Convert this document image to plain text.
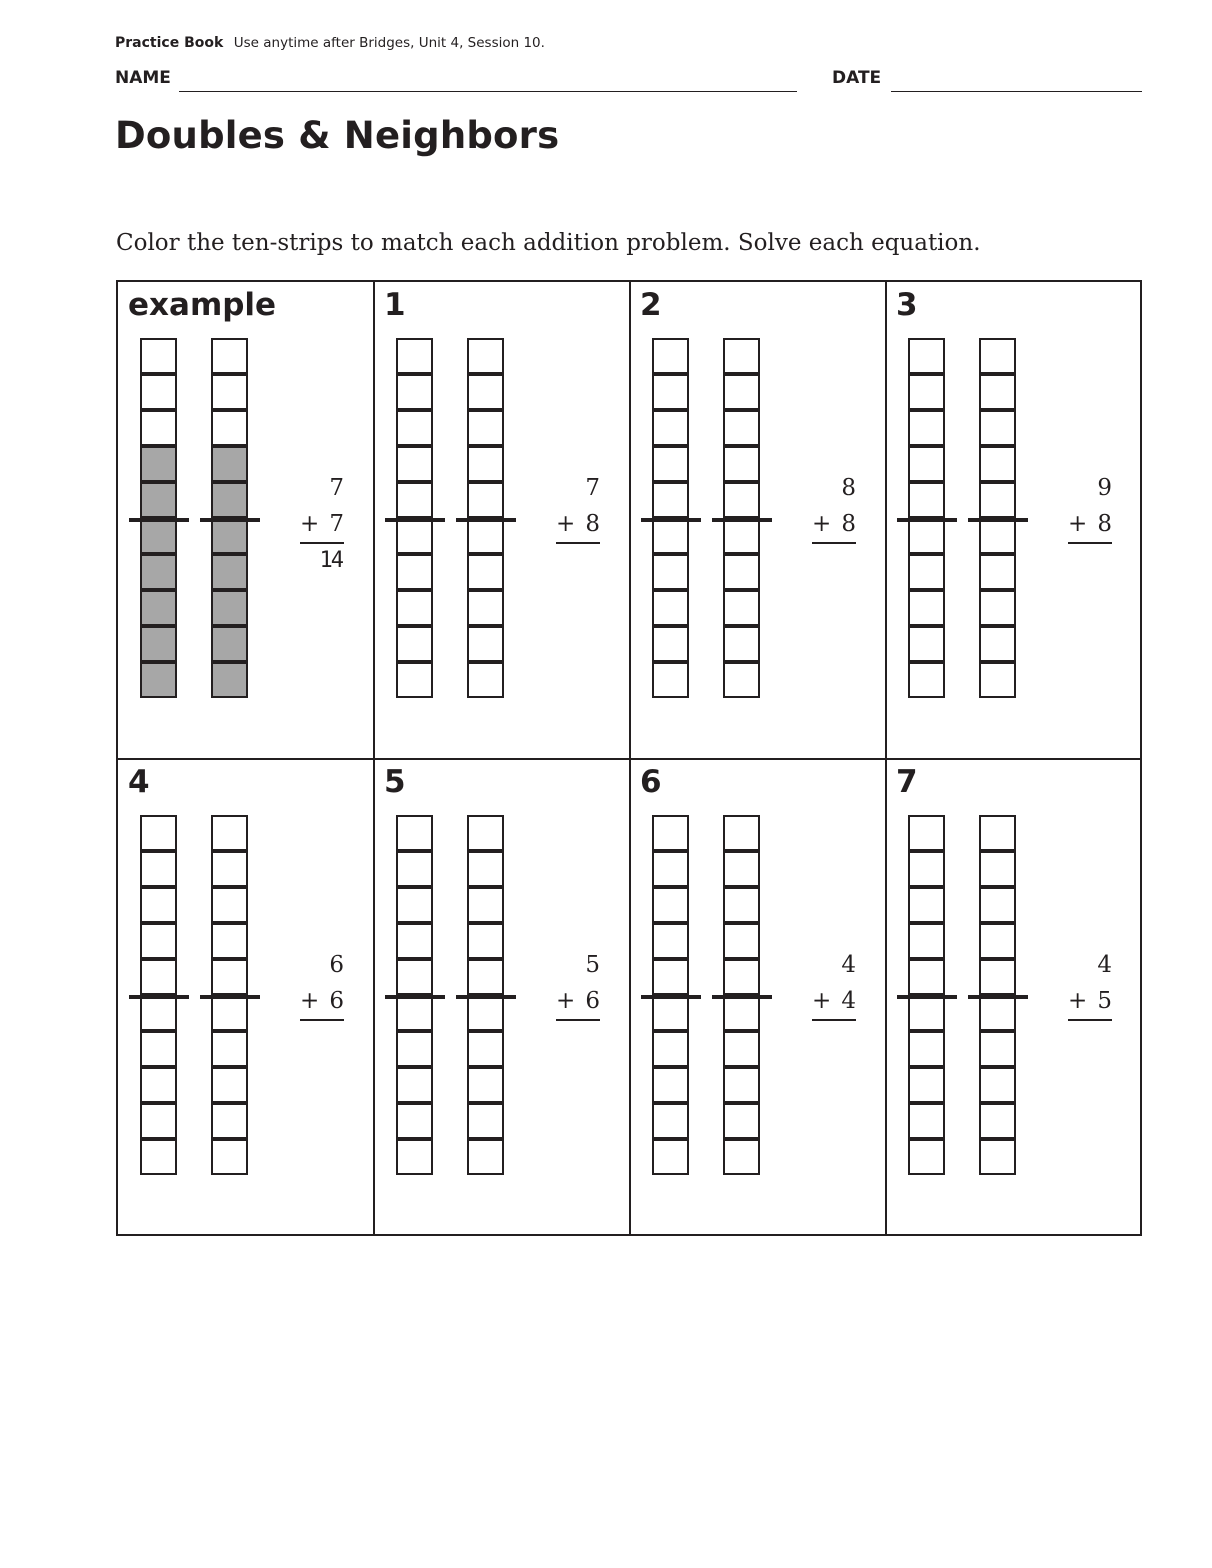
Practice Book Use anytime after Bridges, Unit 4, Session 10.
NAME	DATE
Doubles & Neighbors
Color the ten-strips to match each addition problem. Solve each equation.
example
7
+ 7
14
1
7
+ 8
2
8
+ 8
3
9
+ 8
4
6
+ 6
5
5
+ 6
6
4
+ 4
7
4
+ 5
